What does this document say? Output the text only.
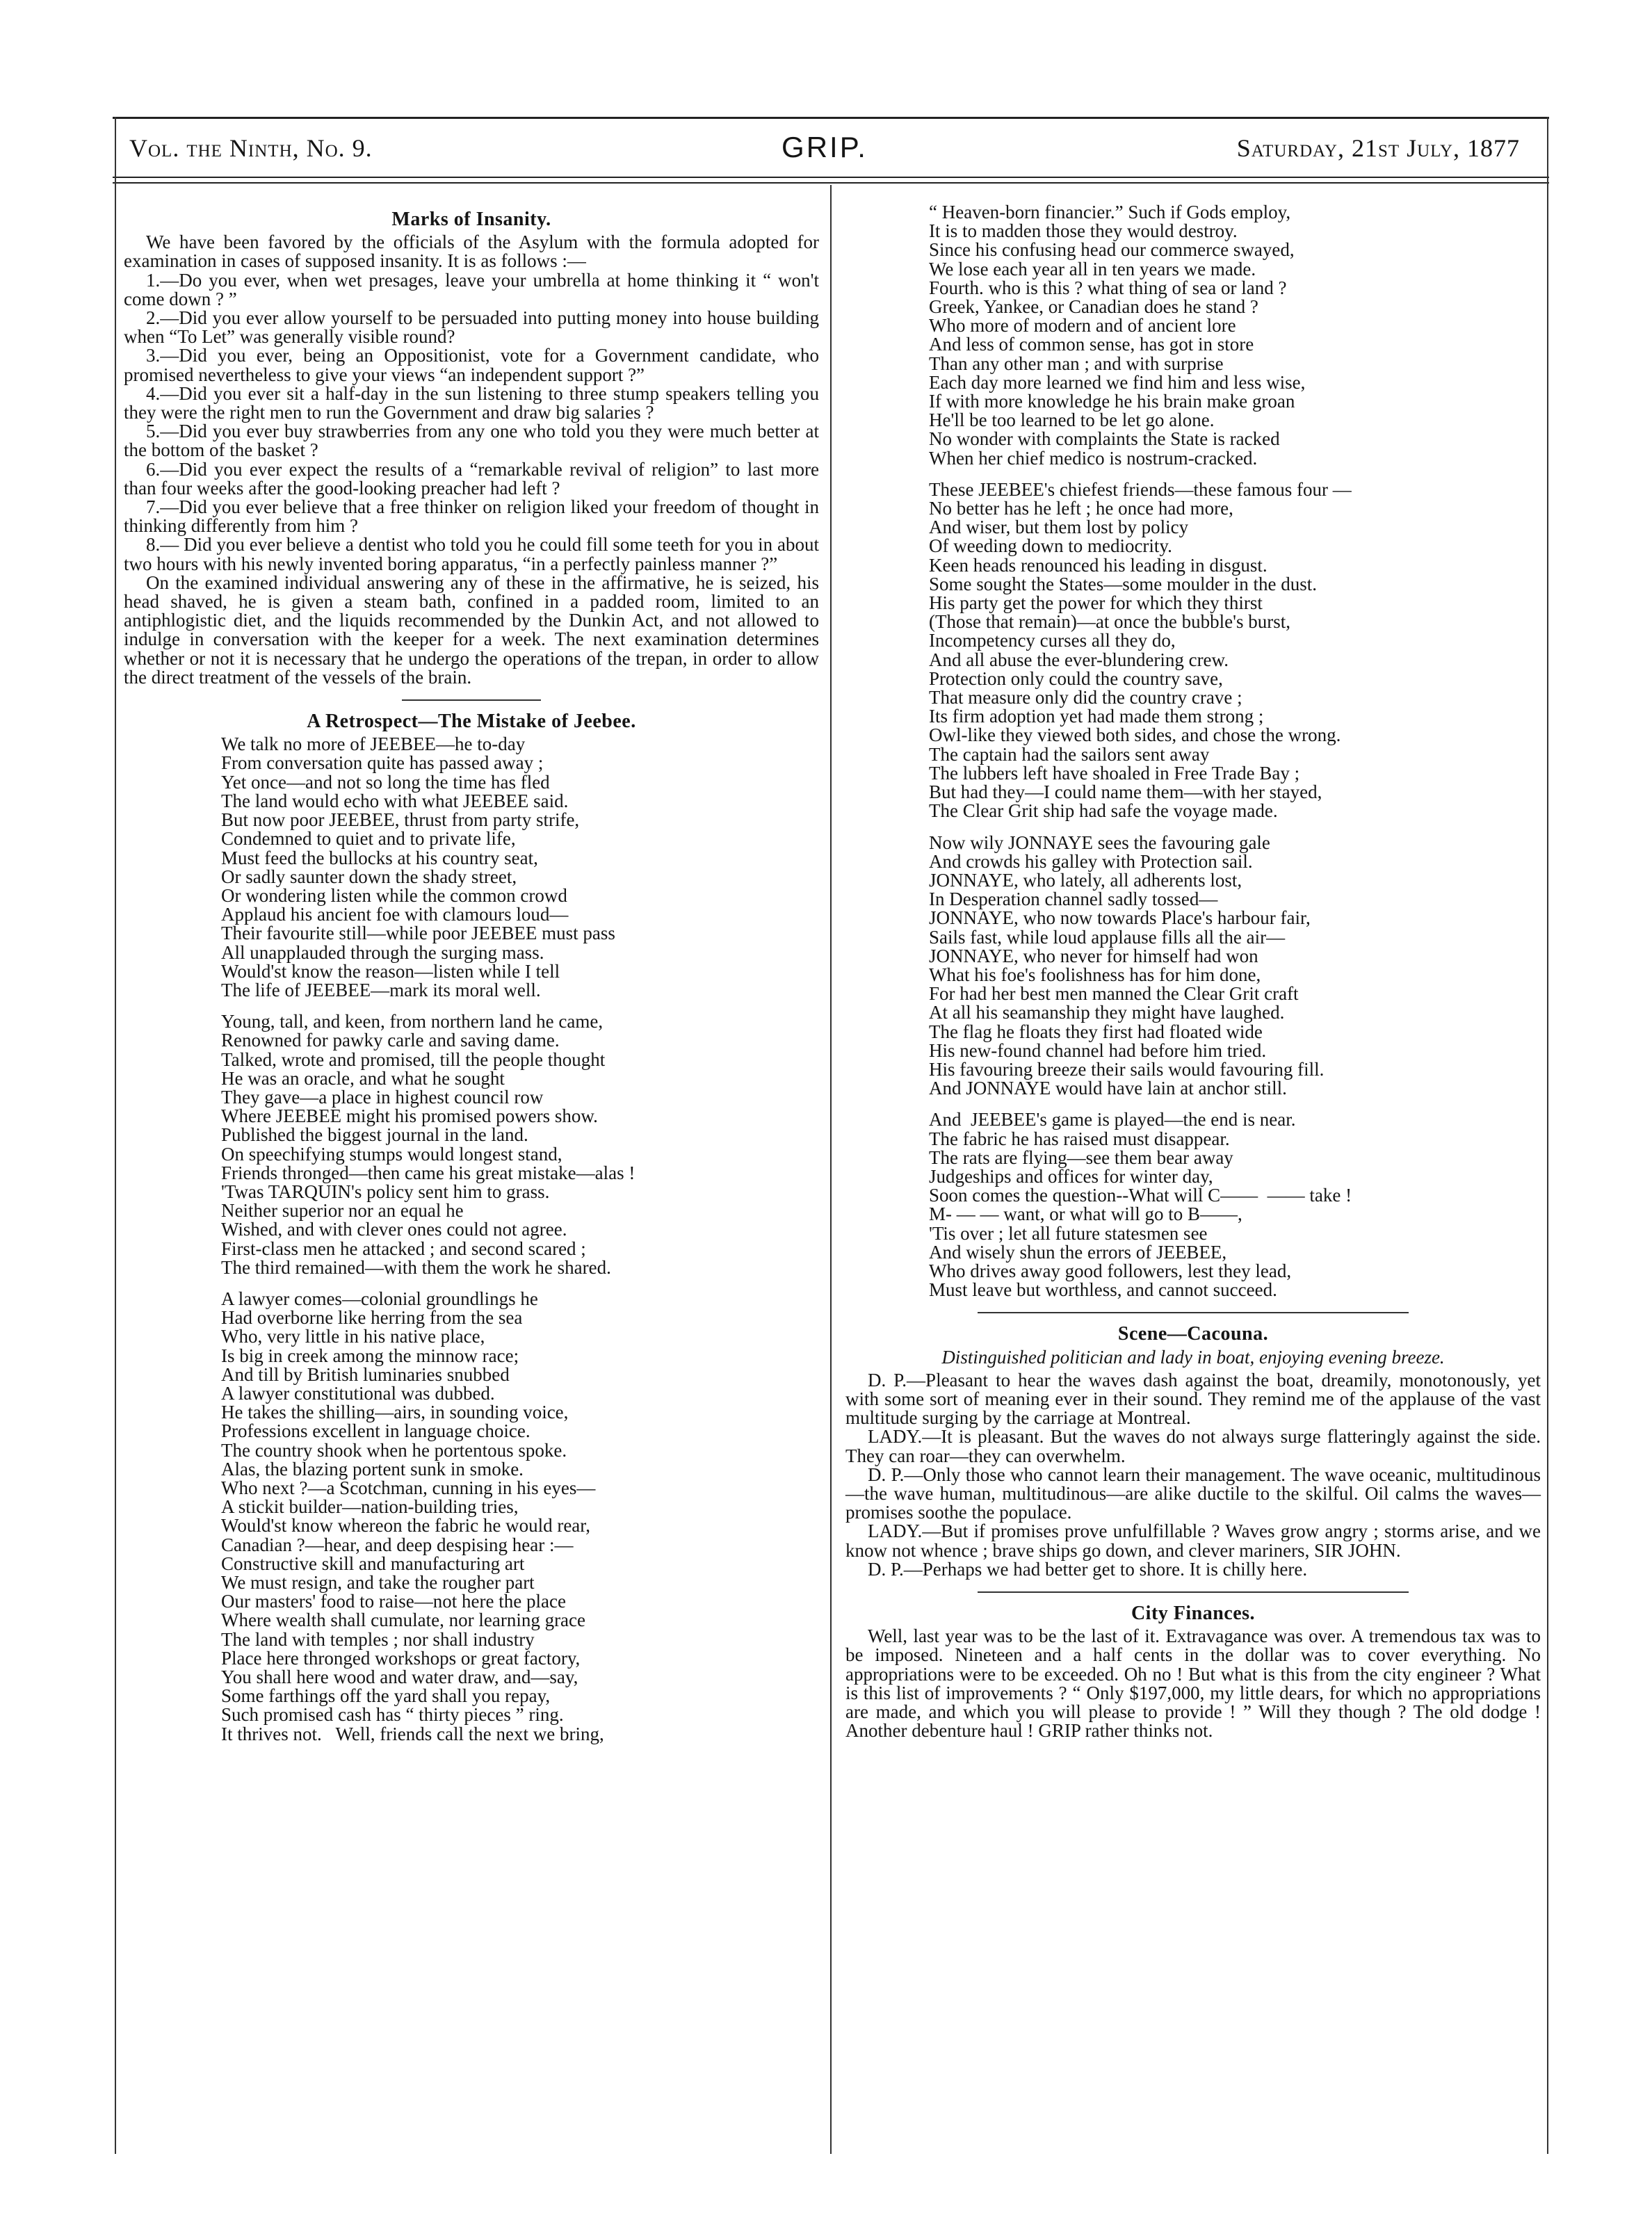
Vol. the Ninth, No. 9.	GRIP.	Saturday, 21st July, 1877
Marks of Insanity.

We have been favored by the officials of the Asylum with the formula adopted for examination in cases of supposed insanity. It is as follows :—

1.—Do you ever, when wet presages, leave your umbrella at home thinking it “ won't come down ? ”

2.—Did you ever allow yourself to be persuaded into putting money into house building when “To Let” was generally visible round?

3.—Did you ever, being an Oppositionist, vote for a Government candidate, who promised nevertheless to give your views “an independent support ?”

4.—Did you ever sit a half-day in the sun listening to three stump speakers telling you they were the right men to run the Government and draw big salaries ?

5.—Did you ever buy strawberries from any one who told you they were much better at the bottom of the basket ?

6.—Did you ever expect the results of a “remarkable revival of religion” to last more than four weeks after the good-looking preacher had left ?

7.—Did you ever believe that a free thinker on religion liked your freedom of thought in thinking differently from him ?

8.— Did you ever believe a dentist who told you he could fill some teeth for you in about two hours with his newly invented boring apparatus, “in a perfectly painless manner ?”

On the examined individual answering any of these in the affirmative, he is seized, his head shaved, he is given a steam bath, confined in a padded room, limited to an antiphlogistic diet, and the liquids recommended by the Dunkin Act, and not allowed to indulge in conversation with the keeper for a week. The next examination determines whether or not it is necessary that he undergo the operations of the trepan, in order to allow the direct treatment of the vessels of the brain.

A Retrospect—The Mistake of Jeebee.
We talk no more of JEEBEE—he to-day
From conversation quite has passed away ;
Yet once—and not so long the time has fled
The land would echo with what JEEBEE said.
But now poor JEEBEE, thrust from party strife,
Condemned to quiet and to private life,
Must feed the bullocks at his country seat,
Or sadly saunter down the shady street,
Or wondering listen while the common crowd
Applaud his ancient foe with clamours loud—
Their favourite still—while poor JEEBEE must pass
All unapplauded through the surging mass.
Would'st know the reason—listen while I tell
The life of JEEBEE—mark its moral well.
Young, tall, and keen, from northern land he came,
Renowned for pawky carle and saving dame.
Talked, wrote and promised, till the people thought
He was an oracle, and what he sought
They gave—a place in highest council row
Where JEEBEE might his promised powers show.
Published the biggest journal in the land.
On speechifying stumps would longest stand,
Friends thronged—then came his great mistake—alas !
'Twas TARQUIN's policy sent him to grass.
Neither superior nor an equal he
Wished, and with clever ones could not agree.
First-class men he attacked ; and second scared ;
The third remained—with them the work he shared.
A lawyer comes—colonial groundlings he
Had overborne like herring from the sea
Who, very little in his native place,
Is big in creek among the minnow race;
And till by British luminaries snubbed
A lawyer constitutional was dubbed.
He takes the shilling—airs, in sounding voice,
Professions excellent in language choice.
The country shook when he portentous spoke.
Alas, the blazing portent sunk in smoke.
Who next ?—a Scotchman, cunning in his eyes—
A stickit builder—nation-building tries,
Would'st know whereon the fabric he would rear,
Canadian ?—hear, and deep despising hear :—
Constructive skill and manufacturing art
We must resign, and take the rougher part
Our masters' food to raise—not here the place
Where wealth shall cumulate, nor learning grace
The land with temples ; nor shall industry
Place here thronged workshops or great factory,
You shall here wood and water draw, and—say,
Some farthings off the yard shall you repay,
Such promised cash has “ thirty pieces ” ring.
It thrives not.   Well, friends call the next we bring,
“ Heaven-born financier.” Such if Gods employ,
It is to madden those they would destroy.
Since his confusing head our commerce swayed,
We lose each year all in ten years we made.
Fourth. who is this ? what thing of sea or land ?
Greek, Yankee, or Canadian does he stand ?
Who more of modern and of ancient lore
And less of common sense, has got in store
Than any other man ; and with surprise
Each day more learned we find him and less wise,
If with more knowledge he his brain make groan
He'll be too learned to be let go alone.
No wonder with complaints the State is racked
When her chief medico is nostrum-cracked.
These JEEBEE's chiefest friends—these famous four —
No better has he left ; he once had more,
And wiser, but them lost by policy
Of weeding down to mediocrity.
Keen heads renounced his leading in disgust.
Some sought the States—some moulder in the dust.
His party get the power for which they thirst
(Those that remain)—at once the bubble's burst,
Incompetency curses all they do,
And all abuse the ever-blundering crew.
Protection only could the country save,
That measure only did the country crave ;
Its firm adoption yet had made them strong ;
Owl-like they viewed both sides, and chose the wrong.
The captain had the sailors sent away
The lubbers left have shoaled in Free Trade Bay ;
But had they—I could name them—with her stayed,
The Clear Grit ship had safe the voyage made.
Now wily JONNAYE sees the favouring gale
And crowds his galley with Protection sail.
JONNAYE, who lately, all adherents lost,
In Desperation channel sadly tossed—
JONNAYE, who now towards Place's harbour fair,
Sails fast, while loud applause fills all the air—
JONNAYE, who never for himself had won
What his foe's foolishness has for him done,
For had her best men manned the Clear Grit craft
At all his seamanship they might have laughed.
The flag he floats they first had floated wide
His new-found channel had before him tried.
His favouring breeze their sails would favouring fill.
And JONNAYE would have lain at anchor still.
And  JEEBEE's game is played—the end is near.
The fabric he has raised must disappear.
The rats are flying—see them bear away
Judgeships and offices for winter day,
Soon comes the question--What will C——  —— take !
M- — — want, or what will go to B——,
'Tis over ; let all future statesmen see
And wisely shun the errors of JEEBEE,
Who drives away good followers, lest they lead,
Must leave but worthless, and cannot succeed.
Scene—Cacouna.
Distinguished politician and lady in boat, enjoying evening breeze.

D. P.—Pleasant to hear the waves dash against the boat, dreamily, monotonously, yet with some sort of meaning ever in their sound. They remind me of the applause of the vast multitude surging by the carriage at Montreal.

LADY.—It is pleasant. But the waves do not always surge flatteringly against the side. They can roar—they can overwhelm.

D. P.—Only those who cannot learn their management. The wave oceanic, multitudinous—the wave human, multitudinous—are alike ductile to the skilful. Oil calms the waves—promises soothe the populace.

LADY.—But if promises prove unfulfillable ? Waves grow angry ; storms arise, and we know not whence ; brave ships go down, and clever mariners, SIR JOHN.

D. P.—Perhaps we had better get to shore. It is chilly here.

City Finances.

Well, last year was to be the last of it. Extravagance was over. A tremendous tax was to be imposed. Nineteen and a half cents in the dollar was to cover everything. No appropriations were to be exceeded. Oh no ! But what is this from the city engineer ? What is this list of improvements ? “ Only $197,000, my little dears, for which no appropriations are made, and which you will please to provide ! ” Will they though ? The old dodge ! Another debenture haul ! GRIP rather thinks not.
